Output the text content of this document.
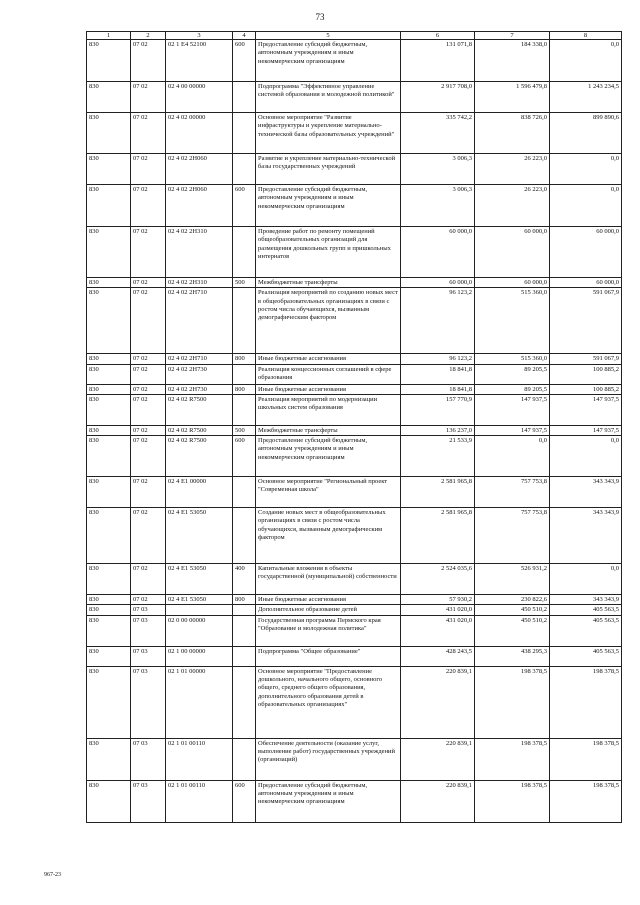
73
1	2	3	4	5	6	7	8
830	07 02	02 1 E4 52100	600	Предоставление субсидий бюджетным, автономным учреждениям и иным некоммерческим организациям	131 071,8	184 338,0	0,0
830	07 02	02 4 00 00000		Подпрограмма "Эффективное управление системой образования и молодежной политикой"	2 917 708,0	1 596 479,8	1 243 234,5
830	07 02	02 4 02 00000		Основное мероприятие "Развитие инфраструктуры и укрепление материально-технической базы образовательных учреждений"	335 742,2	838 726,0	899 890,6
830	07 02	02 4 02 2Н060		Развитие и укрепление материально-технической базы государственных учреждений	3 006,3	26 223,0	0,0
830	07 02	02 4 02 2Н060	600	Предоставление субсидий бюджетным, автономным учреждениям и иным некоммерческим организациям	3 006,3	26 223,0	0,0
830	07 02	02 4 02 2Н310		Проведение работ по ремонту помещений общеобразовательных организаций для размещения дошкольных групп и пришкольных интернатов	60 000,0	60 000,0	60 000,0
830	07 02	02 4 02 2Н310	500	Межбюджетные трансферты	60 000,0	60 000,0	60 000,0
830	07 02	02 4 02 2Н710		Реализация мероприятий по созданию новых мест в общеобразовательных организациях в связи с ростом числа обучающихся, вызванным демографическим фактором	96 123,2	515 360,0	591 067,9
830	07 02	02 4 02 2Н710	800	Иные бюджетные ассигнования	96 123,2	515 360,0	591 067,9
830	07 02	02 4 02 2Н730		Реализация концессионных соглашений в сфере образования	18 841,8	89 205,5	100 885,2
830	07 02	02 4 02 2Н730	800	Иные бюджетные ассигнования	18 841,8	89 205,5	100 885,2
830	07 02	02 4 02 R7500		Реализация мероприятий по модернизации школьных систем образования	157 770,9	147 937,5	147 937,5
830	07 02	02 4 02 R7500	500	Межбюджетные трансферты	136 237,0	147 937,5	147 937,5
830	07 02	02 4 02 R7500	600	Предоставление субсидий бюджетным, автономным учреждениям и иным некоммерческим организациям	21 533,9	0,0	0,0
830	07 02	02 4 E1 00000		Основное мероприятие "Региональный проект "Современная школа"	2 581 965,8	757 753,8	343 343,9
830	07 02	02 4 E1 53050		Создание новых мест в общеобразовательных организациях в связи с ростом числа обучающихся, вызванным демографическим фактором	2 581 965,8	757 753,8	343 343,9
830	07 02	02 4 E1 53050	400	Капитальные вложения в объекты государственной (муниципальной) собственности	2 524 035,6	526 931,2	0,0
830	07 02	02 4 E1 53050	800	Иные бюджетные ассигнования	57 930,2	230 822,6	343 343,9
830	07 03			Дополнительное образование детей	431 020,0	450 510,2	405 563,5
830	07 03	02 0 00 00000		Государственная программа Пермского края "Образование и молодежная политика"	431 020,0	450 510,2	405 563,5
830	07 03	02 1 00 00000		Подпрограмма "Общее образование"	428 243,5	438 295,3	405 563,5
830	07 03	02 1 01 00000		Основное мероприятие "Предоставление дошкольного, начального общего, основного общего, среднего общего образования, дополнительного образования детей в образовательных организациях"	220 839,1	198 378,5	198 378,5
830	07 03	02 1 01 00110		Обеспечение деятельности (оказание услуг, выполнение работ) государственных учреждений (организаций)	220 839,1	198 378,5	198 378,5
830	07 03	02 1 01 00110	600	Предоставление субсидий бюджетным, автономным учреждениям и иным некоммерческим организациям	220 839,1	198 378,5	198 378,5
967-23
